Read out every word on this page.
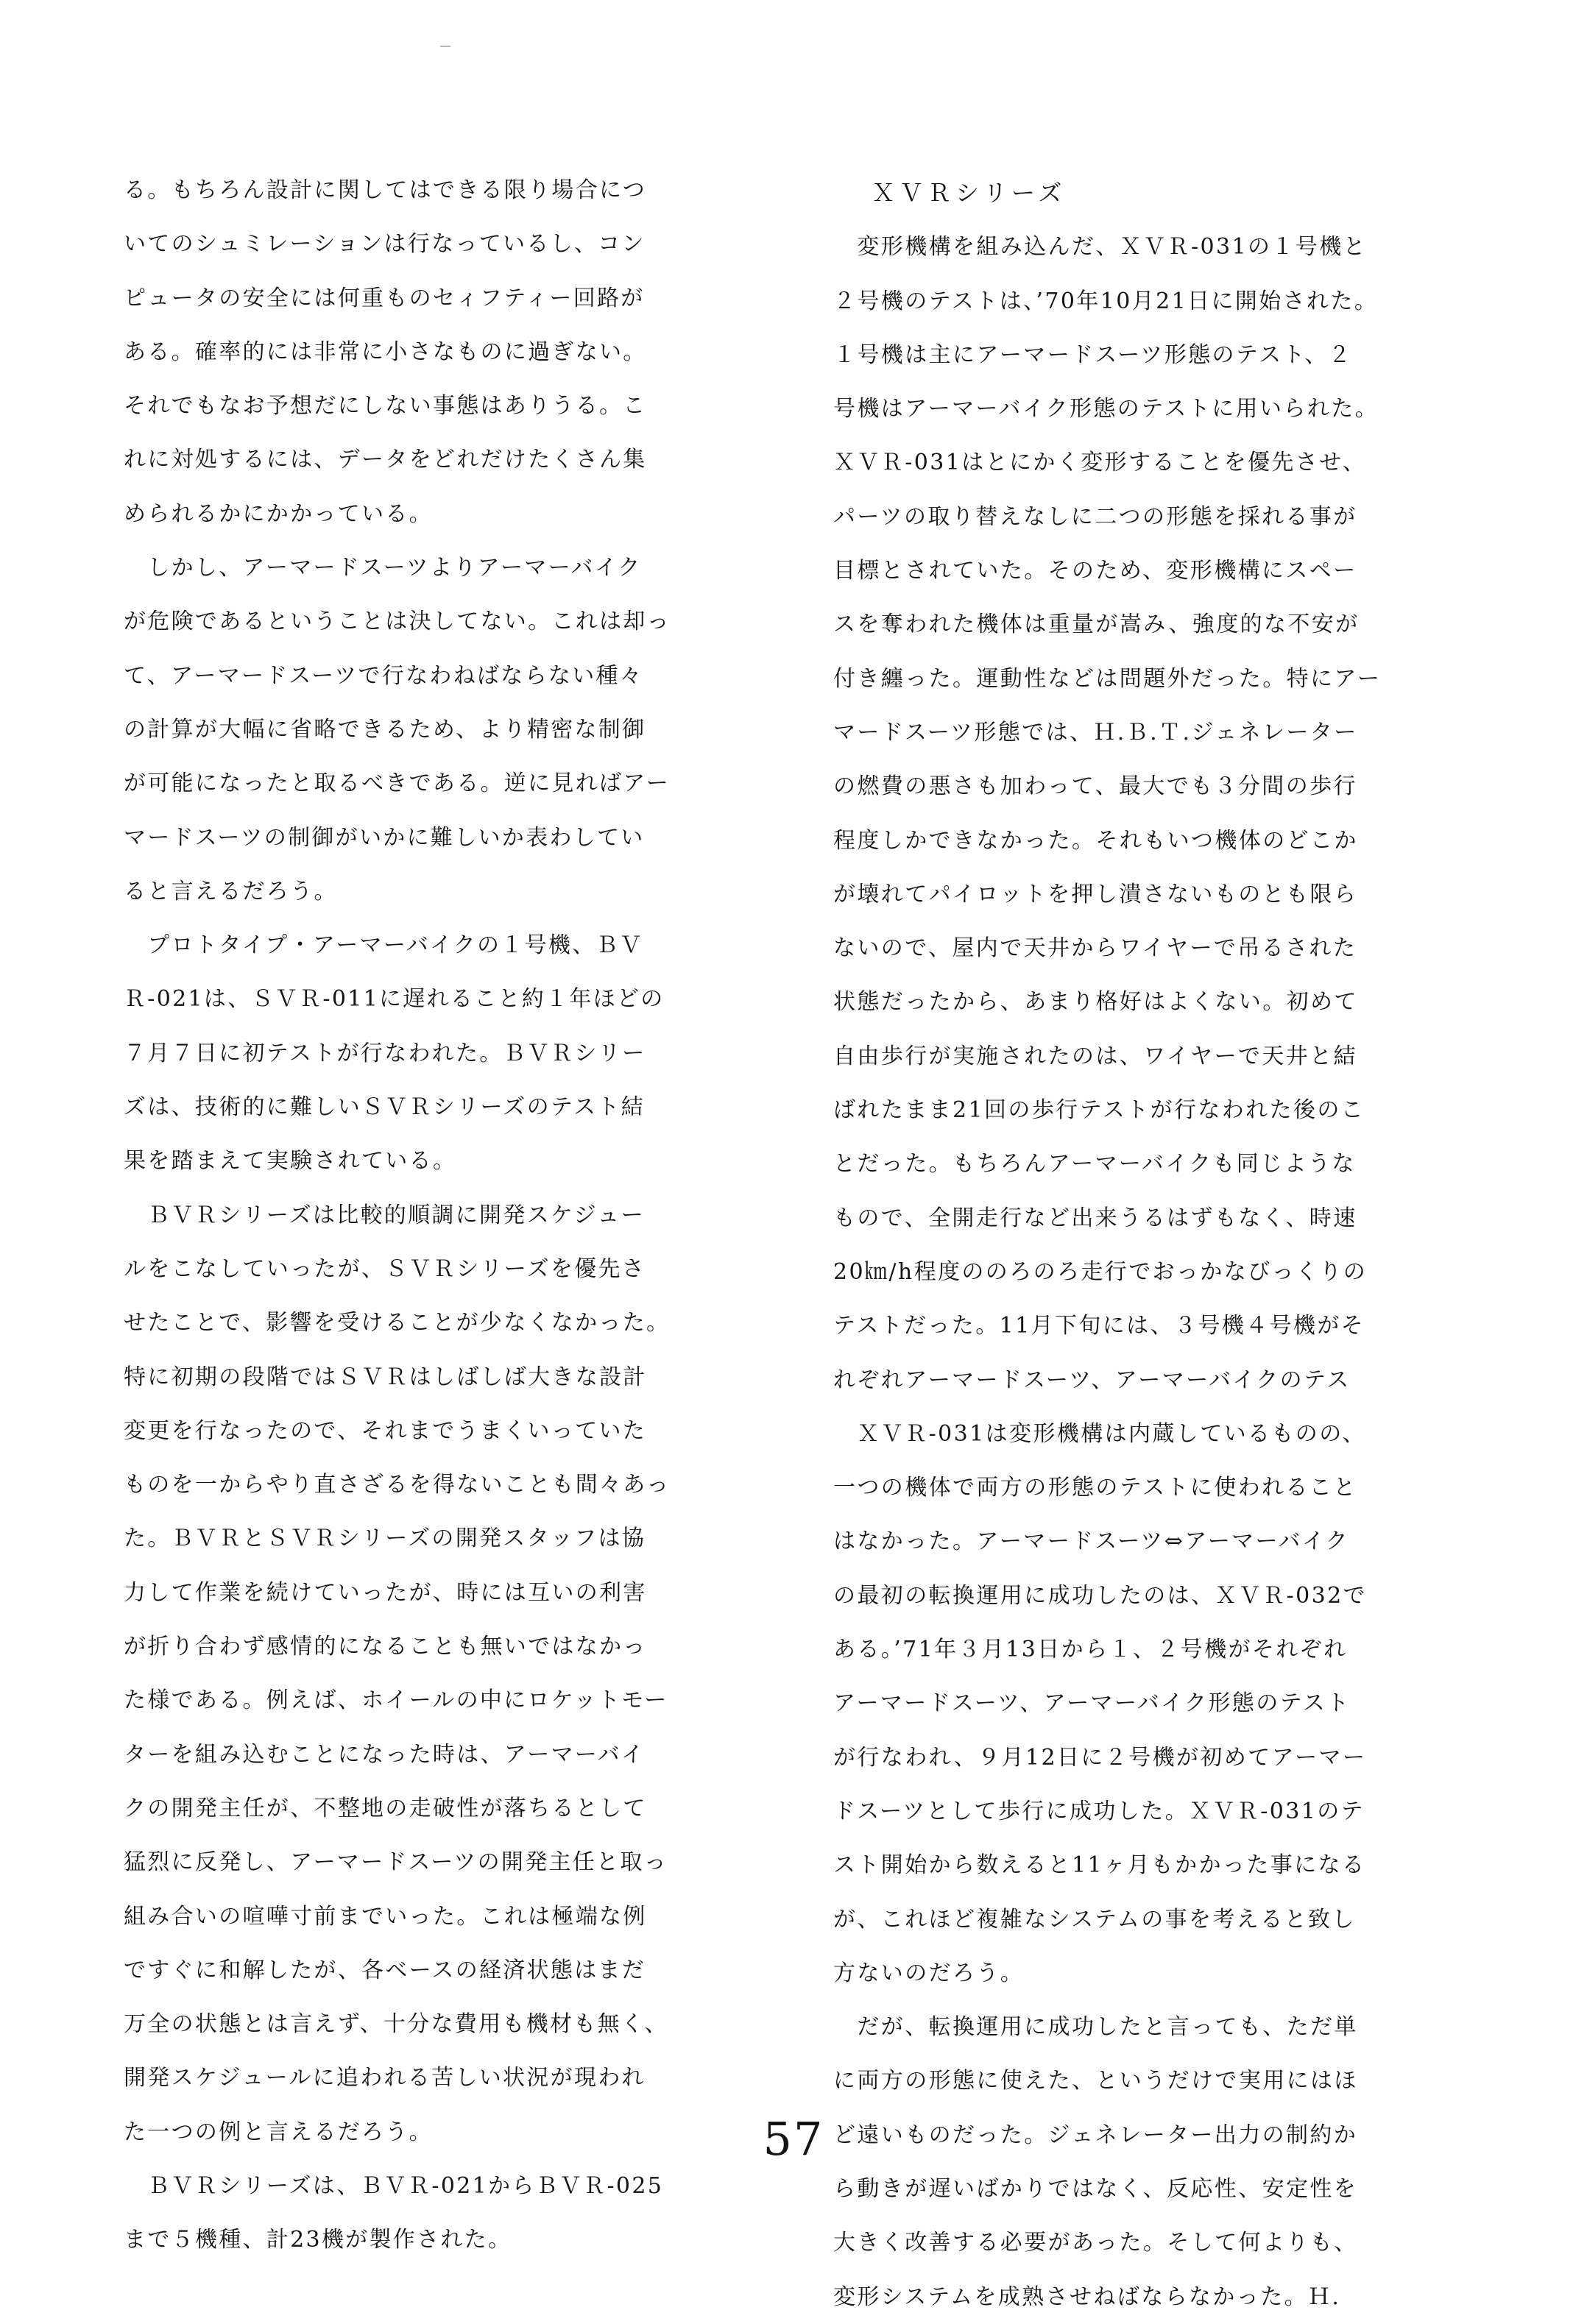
る。もちろん設計に関してはできる限り場合につ
いてのシュミレーションは行なっているし、コン
ピュータの安全には何重ものセィフティー回路が
ある。確率的には非常に小さなものに過ぎない。
それでもなお予想だにしない事態はありうる。こ
れに対処するには、データをどれだけたくさん集
められるかにかかっている。
　しかし、アーマードスーツよりアーマーバイク
が危険であるということは決してない。これは却っ
て、アーマードスーツで行なわねばならない種々
の計算が大幅に省略できるため、より精密な制御
が可能になったと取るべきである。逆に見ればアー
マードスーツの制御がいかに難しいか表わしてい
ると言えるだろう。
　プロトタイプ・アーマーバイクの１号機、ＢＶ
Ｒ-021は、ＳＶＲ-011に遅れること約１年ほどの
７月７日に初テストが行なわれた。ＢＶＲシリー
ズは、技術的に難しいＳＶＲシリーズのテスト結
果を踏まえて実験されている。
　ＢＶＲシリーズは比較的順調に開発スケジュー
ルをこなしていったが、ＳＶＲシリーズを優先さ
せたことで、影響を受けることが少なくなかった。
特に初期の段階ではＳＶＲはしばしば大きな設計
変更を行なったので、それまでうまくいっていた
ものを一からやり直さざるを得ないことも間々あっ
た。ＢＶＲとＳＶＲシリーズの開発スタッフは協
力して作業を続けていったが、時には互いの利害
が折り合わず感情的になることも無いではなかっ
た様である。例えば、ホイールの中にロケットモー
ターを組み込むことになった時は、アーマーバイ
クの開発主任が、不整地の走破性が落ちるとして
猛烈に反発し、アーマードスーツの開発主任と取っ
組み合いの喧嘩寸前までいった。これは極端な例
ですぐに和解したが、各ベースの経済状態はまだ
万全の状態とは言えず、十分な費用も機材も無く、
開発スケジュールに追われる苦しい状況が現われ
た一つの例と言えるだろう。
　ＢＶＲシリーズは、ＢＶＲ-021からＢＶＲ-025
まで５機種、計23機が製作された。
ＸＶＲシリーズ
　変形機構を組み込んだ、ＸＶＲ-031の１号機と
２号機のテストは、’70年10月21日に開始された。
１号機は主にアーマードスーツ形態のテスト、２
号機はアーマーバイク形態のテストに用いられた。
ＸＶＲ-031はとにかく変形することを優先させ、
パーツの取り替えなしに二つの形態を採れる事が
目標とされていた。そのため、変形機構にスペー
スを奪われた機体は重量が嵩み、強度的な不安が
付き纏った。運動性などは問題外だった。特にアー
マードスーツ形態では、Ｈ.Ｂ.Ｔ.ジェネレーター
の燃費の悪さも加わって、最大でも３分間の歩行
程度しかできなかった。それもいつ機体のどこか
が壊れてパイロットを押し潰さないものとも限ら
ないので、屋内で天井からワイヤーで吊るされた
状態だったから、あまり格好はよくない。初めて
自由歩行が実施されたのは、ワイヤーで天井と結
ばれたまま21回の歩行テストが行なわれた後のこ
とだった。もちろんアーマーバイクも同じような
もので、全開走行など出来うるはずもなく、時速
20㎞/h程度ののろのろ走行でおっかなびっくりの
テストだった。11月下旬には、３号機４号機がそ
れぞれアーマードスーツ、アーマーバイクのテス
　ＸＶＲ-031は変形機構は内蔵しているものの、
一つの機体で両方の形態のテストに使われること
はなかった。アーマードスーツ⇔アーマーバイク
の最初の転換運用に成功したのは、ＸＶＲ-032で
ある。’71年３月13日から１、２号機がそれぞれ
アーマードスーツ、アーマーバイク形態のテスト
が行なわれ、９月12日に２号機が初めてアーマー
ドスーツとして歩行に成功した。ＸＶＲ-031のテ
スト開始から数えると11ヶ月もかかった事になる
が、これほど複雑なシステムの事を考えると致し
方ないのだろう。
　だが、転換運用に成功したと言っても、ただ単
に両方の形態に使えた、というだけで実用にはほ
ど遠いものだった。ジェネレーター出力の制約か
ら動きが遅いばかりではなく、反応性、安定性を
大きく改善する必要があった。そして何よりも、
変形システムを成熟させねばならなかった。Ｈ.
57
